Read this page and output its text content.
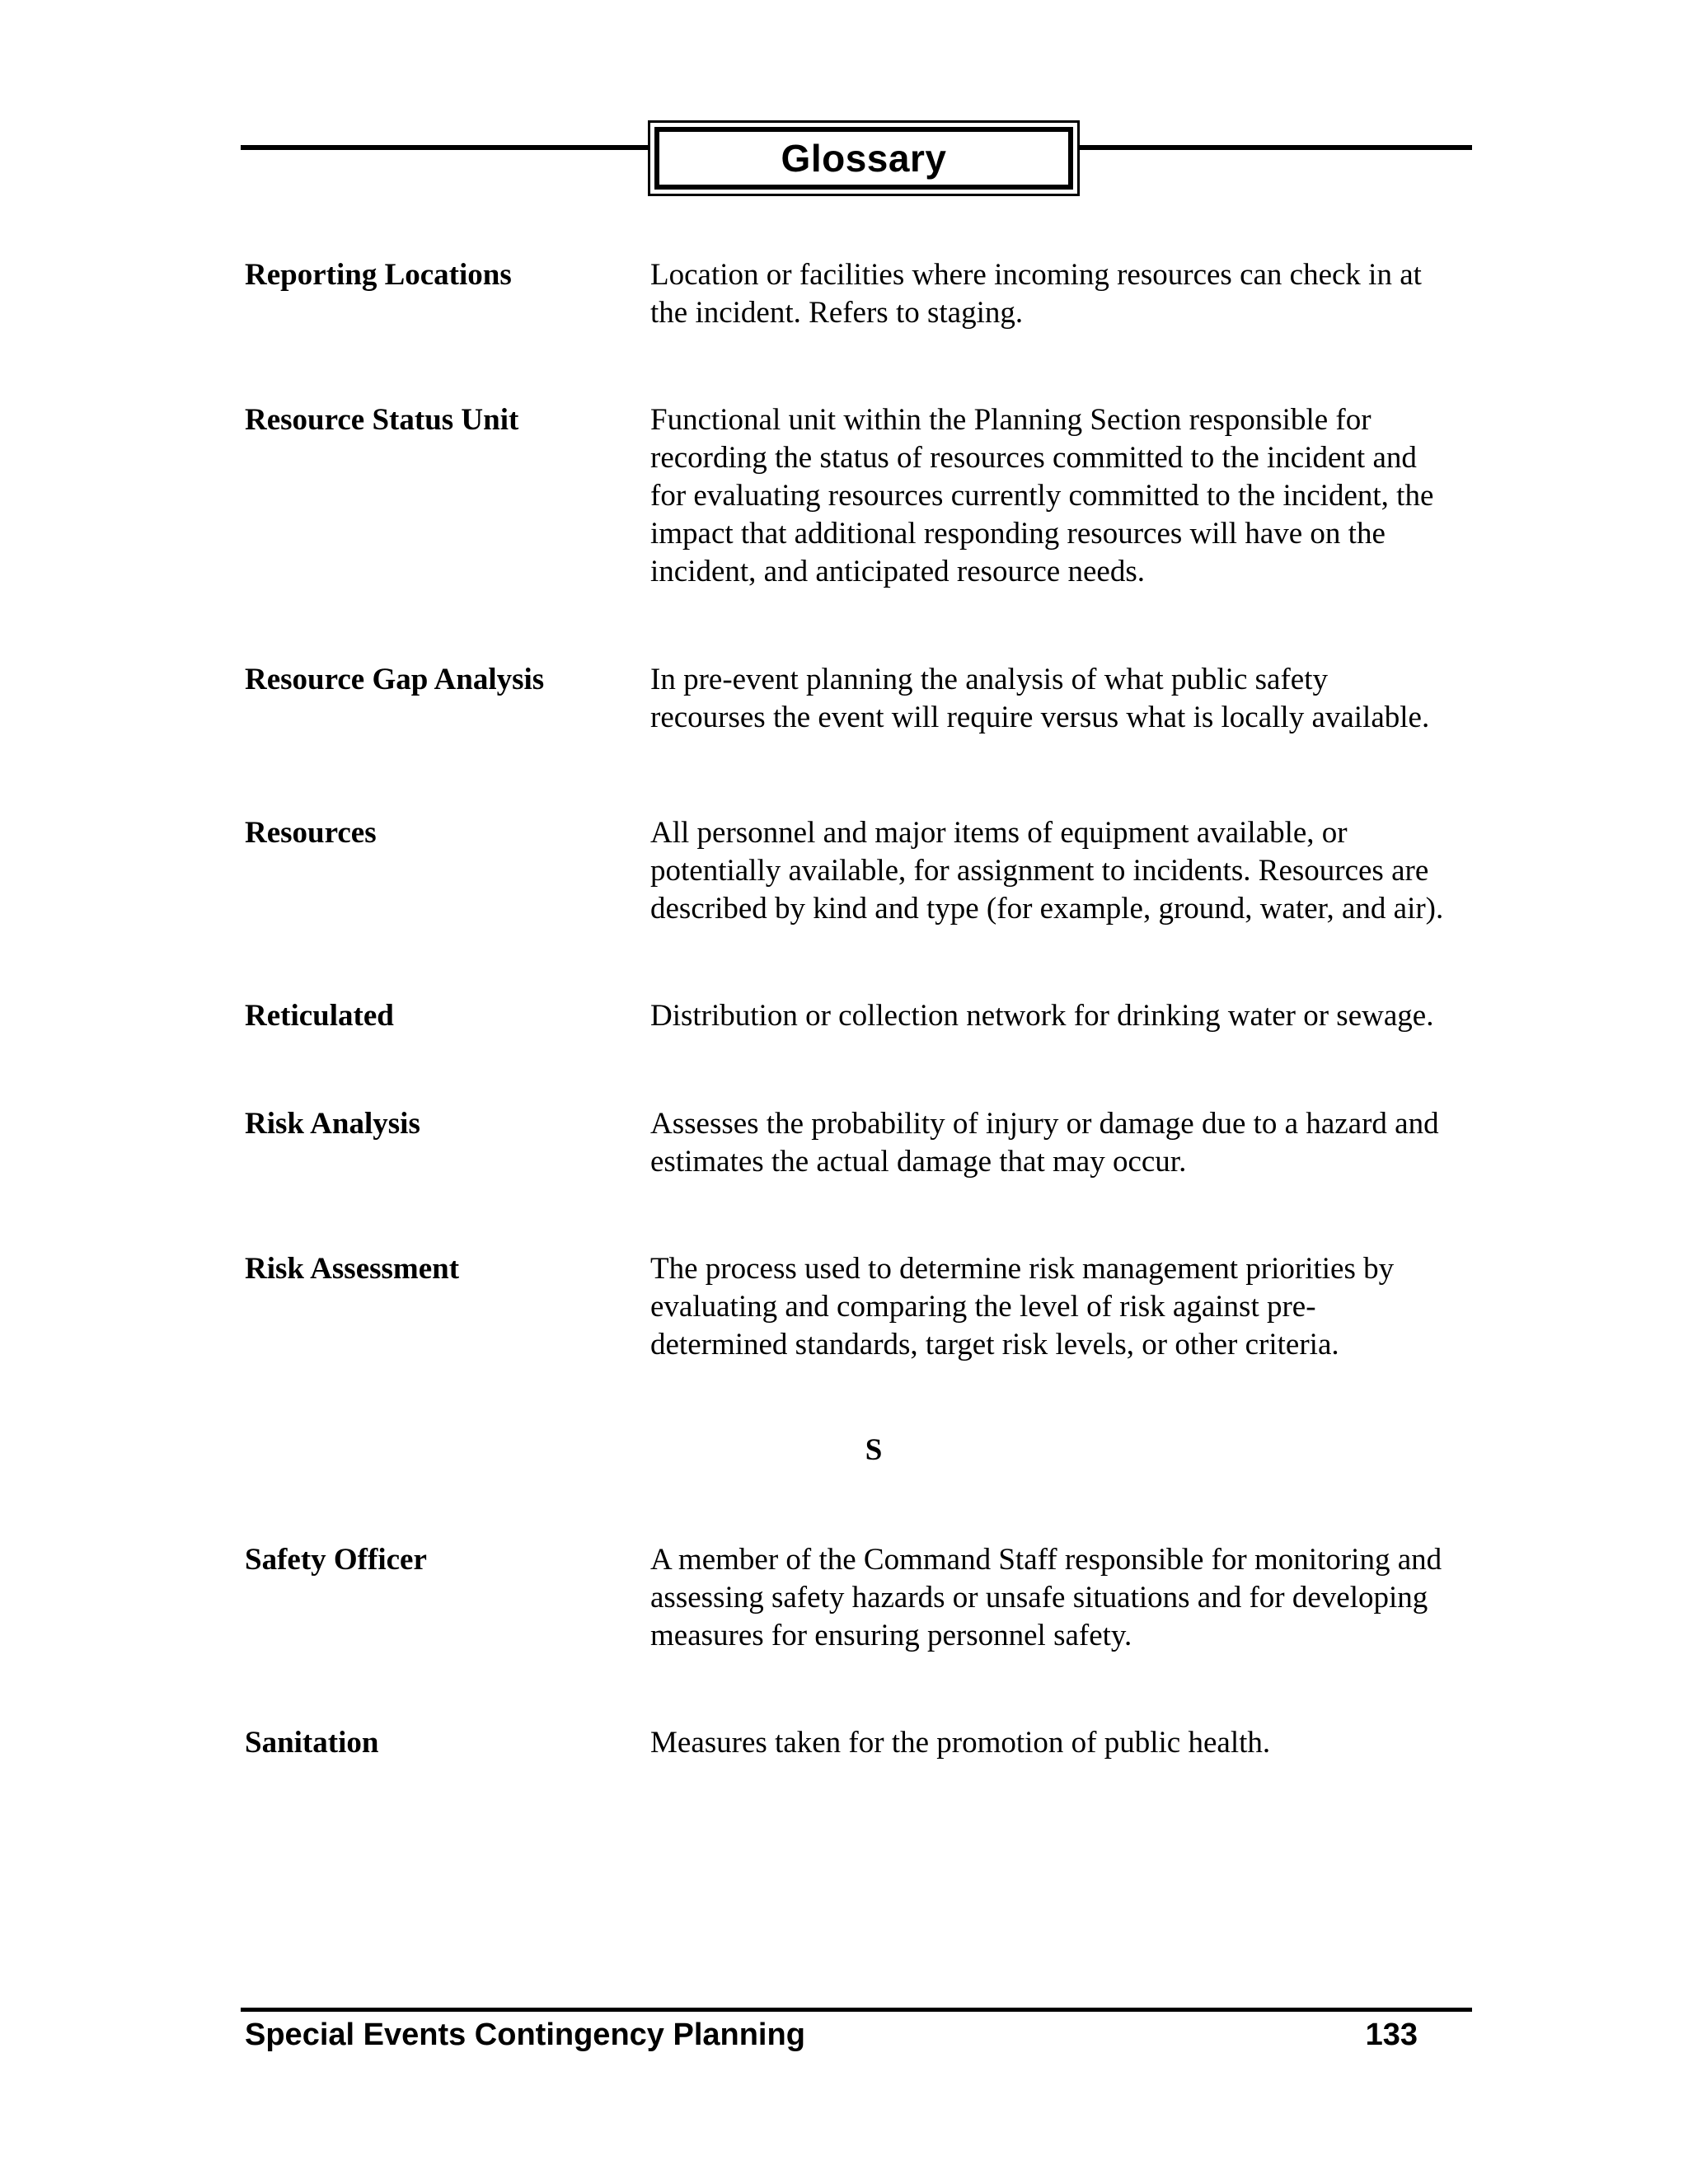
Glossary
Reporting Locations	Location or facilities where incoming resources can check in at
the incident. Refers to staging.
Resource Status Unit	Functional unit within the Planning Section responsible for
recording the status of resources committed to the incident and
for evaluating resources currently committed to the incident, the
impact that additional responding resources will have on the
incident, and anticipated resource needs.
Resource Gap Analysis	In pre-event planning the analysis of what public safety
recourses the event will require versus what is locally available.
Resources	All personnel and major items of equipment available, or
potentially available, for assignment to incidents. Resources are
described by kind and type (for example, ground, water, and air).
Reticulated	Distribution or collection network for drinking water or sewage.
Risk Analysis	Assesses the probability of injury or damage due to a hazard and
estimates the actual damage that may occur.
Risk Assessment	The process used to determine risk management priorities by
evaluating and comparing the level of risk against pre-
determined standards, target risk levels, or other criteria.
S
Safety Officer	A member of the Command Staff responsible for monitoring and
assessing safety hazards or unsafe situations and for developing
measures for ensuring personnel safety.
Sanitation	Measures taken for the promotion of public health.
Special Events Contingency Planning	133
